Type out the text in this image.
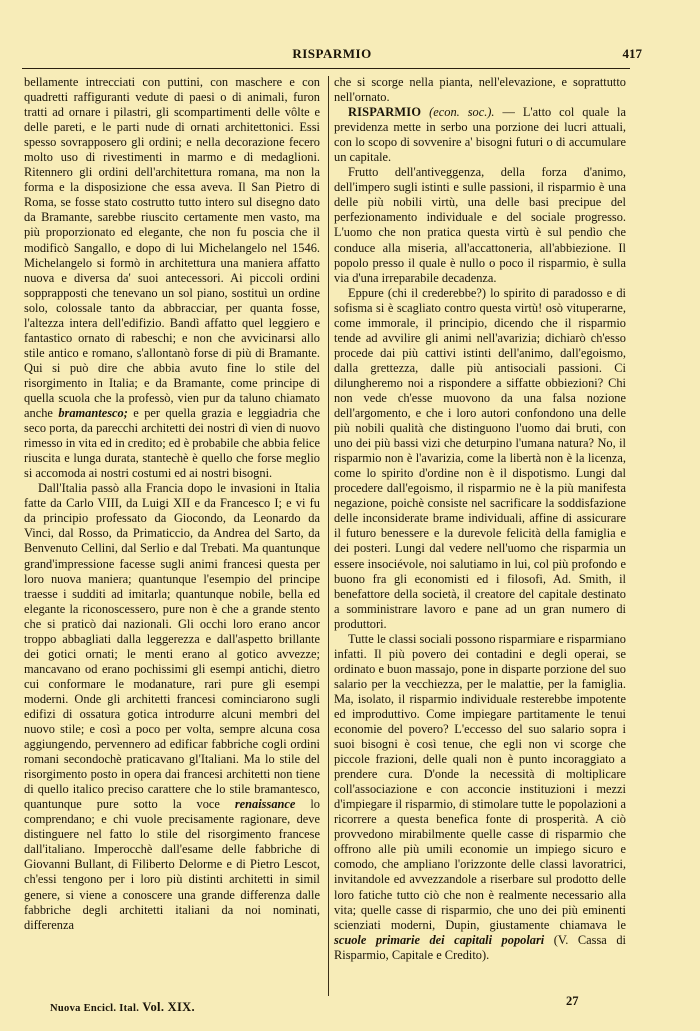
RISPARMIO	417

bellamente intrecciati con puttini, con maschere e con quadretti raffiguranti vedute di paesi o di animali, furon tratti ad ornare i pilastri, gli scompartimenti delle vôlte e delle pareti, e le parti nude di ornati architettonici. Essi spesso sovrapposero gli ordini; e nella decorazione fecero molto uso di rivestimenti in marmo e di medaglioni. Ritennero gli ordini dell'architettura romana, ma non la forma e la disposizione che essa aveva. Il San Pietro di Roma, se fosse stato costrutto tutto intero sul disegno dato da Bramante, sarebbe riuscito certamente men vasto, ma più proporzionato ed elegante, che non fu poscia che il modificò Sangallo, e dopo di lui Michelangelo nel 1546. Michelangelo si formò in architettura una maniera affatto nuova e diversa da' suoi antecessori. Ai piccoli ordini sopprapposti che tenevano un sol piano, sostituì un ordine solo, colossale tanto da abbracciar, per quanta fosse, l'altezza intera dell'edifizio. Bandì affatto quel leggiero e fantastico ornato di rabeschi; e non che avvicinarsi allo stile antico e romano, s'allontanò forse di più di Bramante. Qui si può dire che abbia avuto fine lo stile del risorgimento in Italia; e da Bramante, come principe di quella scuola che la professò, vien pur da taluno chiamato anche bramantesco; e per quella grazia e leggiadria che seco porta, da parecchi architetti dei nostri dì vien di nuovo rimesso in vita ed in credito; ed è probabile che abbia felice riuscita e lunga durata, stantechè è quello che forse meglio si accomoda ai nostri costumi ed ai nostri bisogni.

Dall'Italia passò alla Francia dopo le invasioni in Italia fatte da Carlo VIII, da Luigi XII e da Francesco I; e vi fu da principio professato da Giocondo, da Leonardo da Vinci, dal Rosso, da Primaticcio, da Andrea del Sarto, da Benvenuto Cellini, dal Serlio e dal Trebati. Ma quantunque grand'impressione facesse sugli animi francesi questa per loro nuova maniera; quantunque l'esempio del principe traesse i sudditi ad imitarla; quantunque nobile, bella ed elegante la riconoscessero, pure non è che a grande stento che si praticò dai nazionali. Gli occhi loro erano ancor troppo abbagliati dalla leggerezza e dall'aspetto brillante dei gotici ornati; le menti erano al gotico avvezze; mancavano od erano pochissimi gli esempi antichi, dietro cui conformare le modanature, rari pure gli esempi moderni. Onde gli architetti francesi cominciarono sugli edifizi di ossatura gotica introdurre alcuni membri del nuovo stile; e così a poco per volta, sempre alcuna cosa aggiungendo, pervennero ad edificar fabbriche cogli ordini romani secondochè praticavano gl'Italiani. Ma lo stile del risorgimento posto in opera dai francesi architetti non tiene di quello italico preciso carattere che lo stile bramantesco, quantunque pure sotto la voce renaissance lo comprendano; e chi vuole precisamente ragionare, deve distinguere nel fatto lo stile del risorgimento francese dall'italiano. Imperocchè dall'esame delle fabbriche di Giovanni Bullant, di Filiberto Delorme e di Pietro Lescot, ch'essi tengono per i loro più distinti architetti in simil genere, si viene a conoscere una grande differenza dalle fabbriche degli architetti italiani da noi nominati, differenza

che si scorge nella pianta, nell'elevazione, e soprattutto nell'ornato.

RISPARMIO (econ. soc.). — L'atto col quale la previdenza mette in serbo una porzione dei lucri attuali, con lo scopo di sovvenire a' bisogni futuri o di accumulare un capitale.

Frutto dell'antiveggenza, della forza d'animo, dell'impero sugli istinti e sulle passioni, il risparmio è una delle più nobili virtù, una delle basi precipue del perfezionamento individuale e del sociale progresso. L'uomo che non pratica questa virtù è sul pendìo che conduce alla miseria, all'accattoneria, all'abbiezione. Il popolo presso il quale è nullo o poco il risparmio, è sulla via d'una irreparabile decadenza.

Eppure (chi il crederebbe?) lo spirito di paradosso e di sofisma si è scagliato contro questa virtù! osò vituperarne, come immorale, il principio, dicendo che il risparmio tende ad avvilire gli animi nell'avarizia; dichiarò ch'esso procede dai più cattivi istinti dell'animo, dall'egoismo, dalla grettezza, dalle più antisociali passioni. Ci dilungheremo noi a rispondere a siffatte obbiezioni? Chi non vede ch'esse muovono da una falsa nozione dell'argomento, e che i loro autori confondono una delle più nobili qualità che distinguono l'uomo dai bruti, con uno dei più bassi vizi che deturpino l'umana natura? No, il risparmio non è l'avarizia, come la libertà non è la licenza, come lo spirito d'ordine non è il dispotismo. Lungi dal procedere dall'egoismo, il risparmio ne è la più manifesta negazione, poichè consiste nel sacrificare la soddisfazione delle inconsiderate brame individuali, affine di assicurare il futuro benessere e la durevole felicità della famiglia e dei posteri. Lungi dal vedere nell'uomo che risparmia un essere insociévole, noi salutiamo in lui, col più profondo e buono fra gli economisti ed i filosofi, Ad. Smith, il benefattore della società, il creatore del capitale destinato a somministrare lavoro e pane ad un gran numero di produttori.

Tutte le classi sociali possono risparmiare e risparmiano infatti. Il più povero dei contadini e degli operai, se ordinato e buon massajo, pone in disparte porzione del suo salario per la vecchiezza, per le malattie, per la famiglia. Ma, isolato, il risparmio individuale resterebbe impotente ed improduttivo. Come impiegare partitamente le tenui economie del povero? L'eccesso del suo salario sopra i suoi bisogni è così tenue, che egli non vi scorge che piccole frazioni, delle quali non è punto incoraggiato a prendere cura. D'onde la necessità di moltiplicare coll'associazione e con acconcie instituzioni i mezzi d'impiegare il risparmio, di stimolare tutte le popolazioni a ricorrere a questa benefica fonte di prosperità. A ciò provvedono mirabilmente quelle casse di risparmio che offrono alle più umili economie un impiego sicuro e comodo, che ampliano l'orizzonte delle classi lavoratrici, invitandole ed avvezzandole a riserbare sul prodotto delle loro fatiche tutto ciò che non è realmente necessario alla vita; quelle casse di risparmio, che uno dei più eminenti scienziati moderni, Dupin, giustamente chiamava le scuole primarie dei capitali popolari (V. Cassa di Risparmio, Capitale e Credito).

Nuova Encicl. Ital. Vol. XIX.	27
